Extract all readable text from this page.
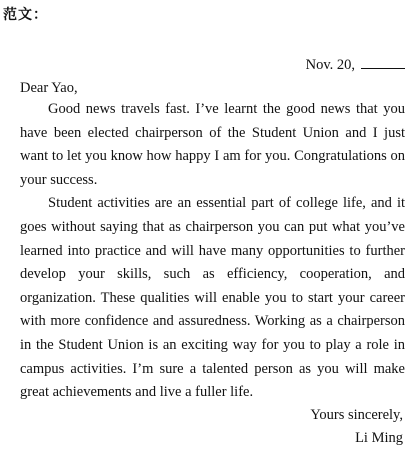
范文：
Nov. 20,
Dear Yao,

Good news travels fast. I’ve learnt the good news that you have been elected chairperson of the Student Union and I just want to let you know how happy I am for you. Congratulations on your success.

Student activities are an essential part of college life, and it goes without saying that as chairperson you can put what you’ve learned into practice and will have many opportunities to further develop your skills, such as efficiency, cooperation, and organization. These qualities will enable you to start your career with more confidence and assuredness. Working as a chairperson in the Student Union is an exciting way for you to play a role in campus activities. I’m sure a talented person as you will make great achievements and live a fuller life.

Yours sincerely,
Li Ming
